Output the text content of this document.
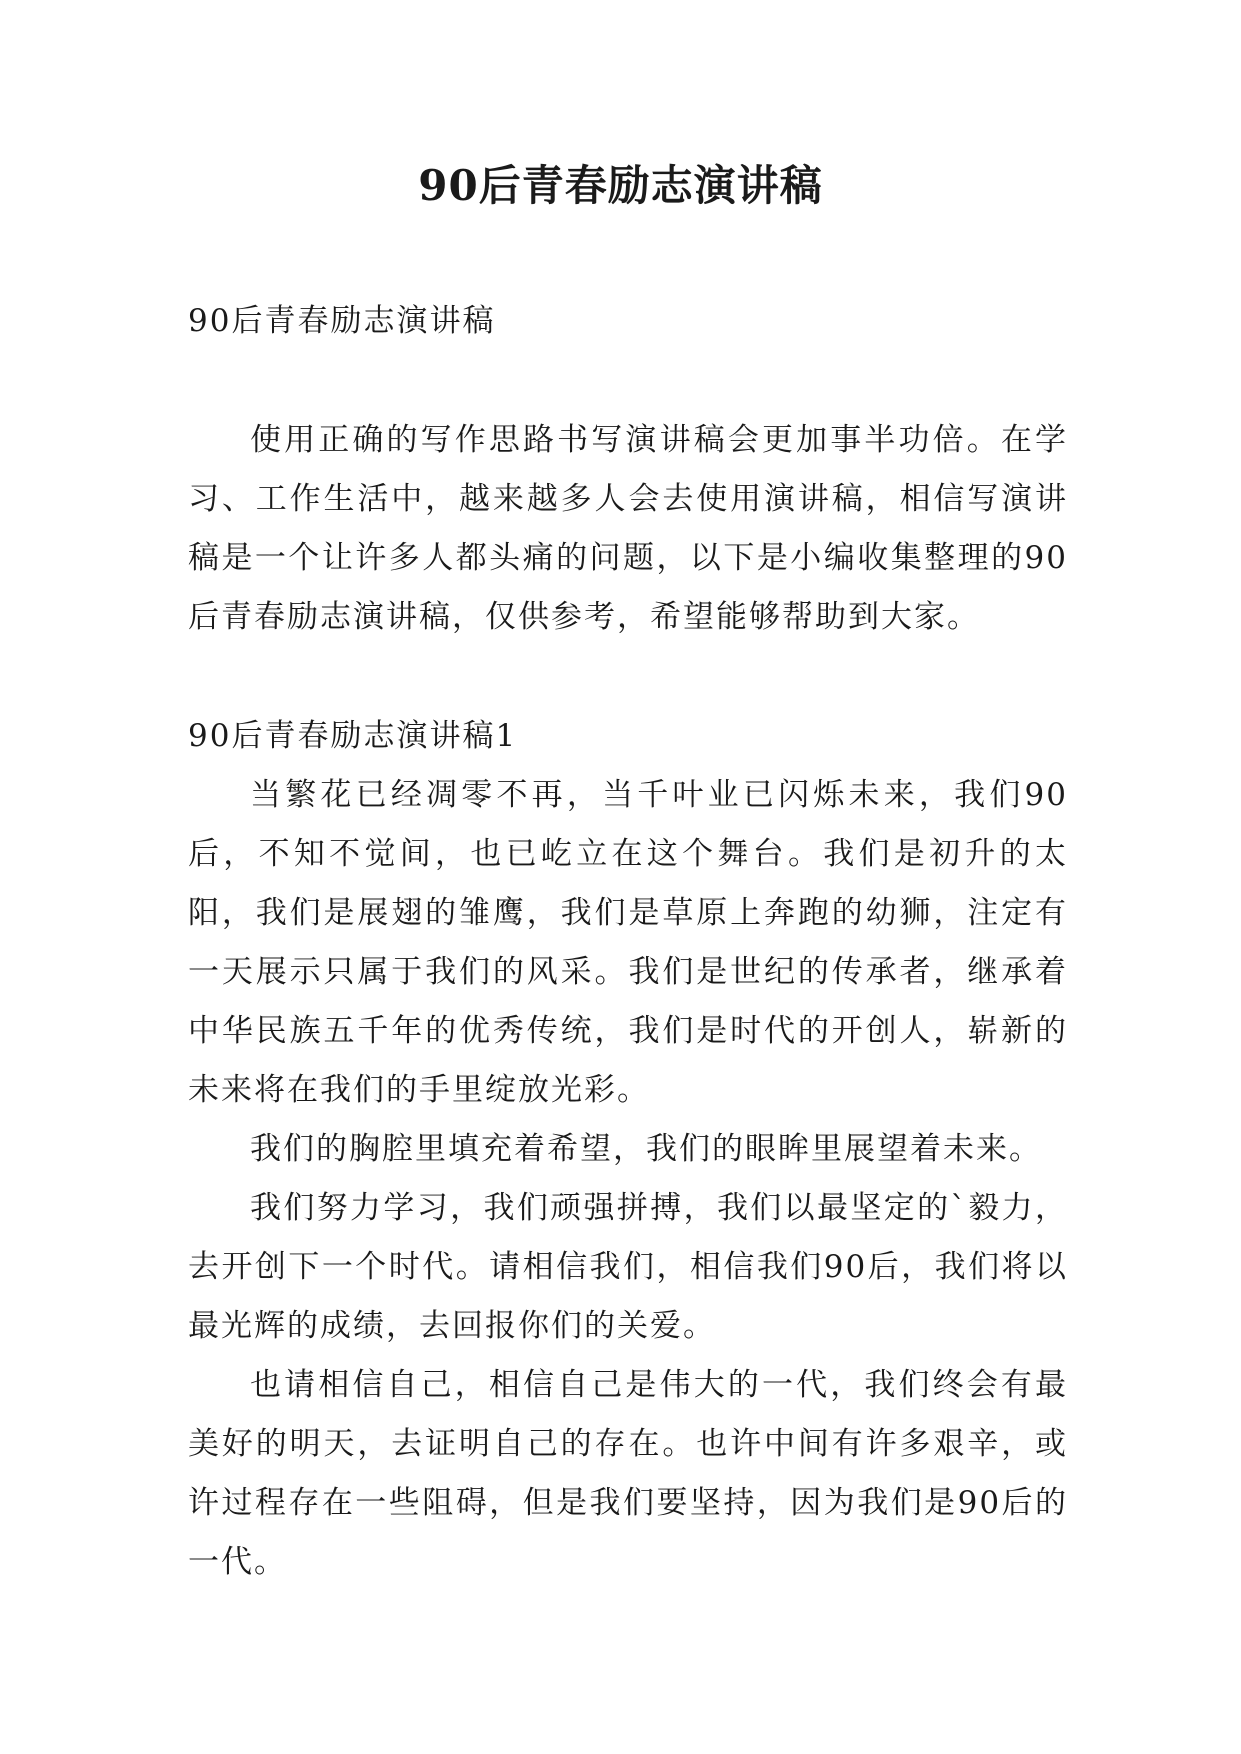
90后青春励志演讲稿

90后青春励志演讲稿

使用正确的写作思路书写演讲稿会更加事半功倍。在学习、工作生活中，越来越多人会去使用演讲稿，相信写演讲稿是一个让许多人都头痛的问题，以下是小编收集整理的90后青春励志演讲稿，仅供参考，希望能够帮助到大家。

90后青春励志演讲稿1

当繁花已经凋零不再，当千叶业已闪烁未来，我们90后，不知不觉间，也已屹立在这个舞台。我们是初升的太阳，我们是展翅的雏鹰，我们是草原上奔跑的幼狮，注定有一天展示只属于我们的风采。我们是世纪的传承者，继承着中华民族五千年的优秀传统，我们是时代的开创人，崭新的未来将在我们的手里绽放光彩。

我们的胸腔里填充着希望，我们的眼眸里展望着未来。

我们努力学习，我们顽强拼搏，我们以最坚定的`毅力，去开创下一个时代。请相信我们，相信我们90后，我们将以最光辉的成绩，去回报你们的关爱。

也请相信自己，相信自己是伟大的一代，我们终会有最美好的明天，去证明自己的存在。也许中间有许多艰辛，或许过程存在一些阻碍，但是我们要坚持，因为我们是90后的一代。
